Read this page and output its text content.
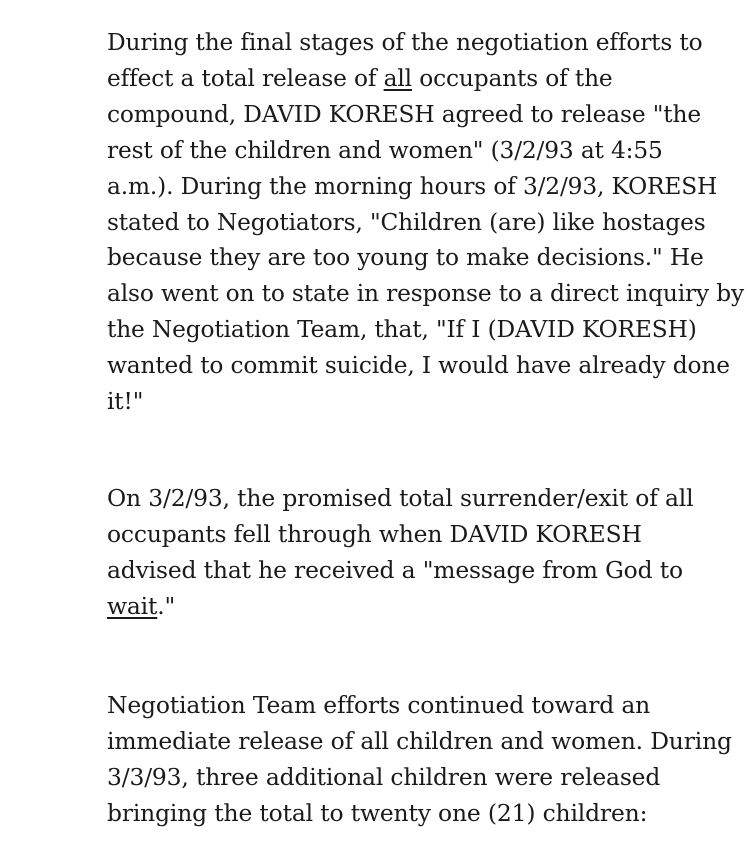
During the final stages of the negotiation efforts to
effect a total release of all occupants of the
compound, DAVID KORESH agreed to release "the
rest of the children and women" (3/2/93 at 4:55
a.m.). During the morning hours of 3/2/93, KORESH
stated to Negotiators, "Children (are) like hostages
because they are too young to make decisions." He
also went on to state in response to a direct inquiry by
the Negotiation Team, that, "If I (DAVID KORESH)
wanted to commit suicide, I would have already done
it!"

On 3/2/93, the promised total surrender/exit of all
occupants fell through when DAVID KORESH
advised that he received a "message from God to
wait."

Negotiation Team efforts continued toward an
immediate release of all children and women. During
3/3/93, three additional children were released
bringing the total to twenty one (21) children:
